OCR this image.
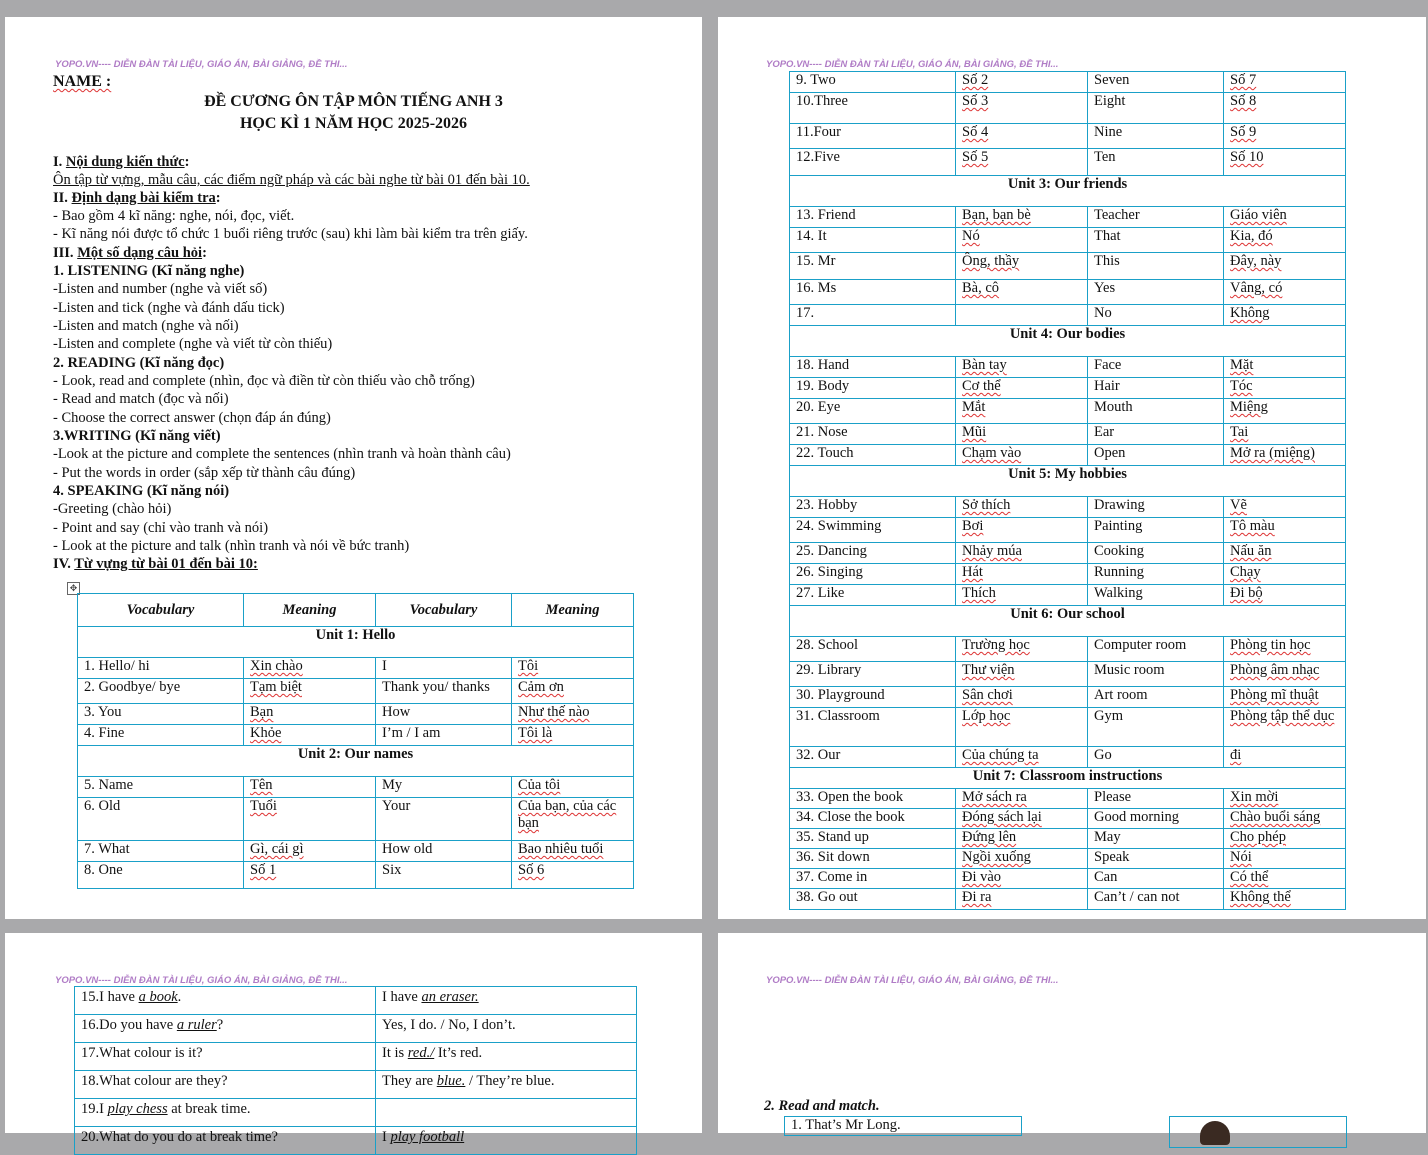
YOPO.VN---- DIỄN ĐÀN TÀI LIỆU, GIÁO ÁN, BÀI GIẢNG, ĐỀ THI...
NAME :
ĐỀ CƯƠNG ÔN TẬP MÔN TIẾNG ANH 3
HỌC KÌ 1 NĂM HỌC 2025-2026
I. Nội dung kiến thức:
Ôn tập từ vựng, mẫu câu, các điểm ngữ pháp và các bài nghe từ bài 01 đến bài 10.
II. Định dạng bài kiểm tra:
- Bao gồm 4 kĩ năng: nghe, nói, đọc, viết.
- Kĩ năng nói được tổ chức 1 buổi riêng trước (sau) khi làm bài kiểm tra trên giấy.
III. Một số dạng câu hỏi:
1. LISTENING (Kĩ năng nghe)
-Listen and number (nghe và viết số)
-Listen and tick (nghe và đánh dấu tick)
-Listen and match (nghe và nối)
-Listen and complete (nghe và viết từ còn thiếu)
2. READING (Kĩ năng đọc)
- Look, read and complete (nhìn, đọc và điền từ còn thiếu vào chỗ trống)
- Read and match (đọc và nối)
- Choose the correct answer (chọn đáp án đúng)
3.WRITING (Kĩ năng viết)
-Look at the picture and complete the sentences (nhìn tranh và hoàn thành câu)
- Put the words in order (sắp xếp từ thành câu đúng)
4. SPEAKING (Kĩ năng nói)
-Greeting (chào hỏi)
- Point and say (chỉ vào tranh và nói)
- Look at the picture and talk (nhìn tranh và nói về bức tranh)
IV. Từ vựng từ bài 01 đến bài 10:
✥
Vocabulary	Meaning	Vocabulary	Meaning
Unit 1: Hello			
1. Hello/ hi	Xin chào	I	Tôi
2. Goodbye/ bye	Tạm biệt	Thank you/ thanks	Cảm ơn
3. You	Bạn	How	Như thế nào
4. Fine	Khỏe	I’m / I am	Tôi là
Unit 2: Our names			
5. Name	Tên	My	Của tôi
6. Old	Tuổi	Your	Của bạn, của các bạn
7. What	Gì, cái gì	How old	Bao nhiêu tuổi
8. One	Số 1	Six	Số 6
YOPO.VN---- DIỄN ĐÀN TÀI LIỆU, GIÁO ÁN, BÀI GIẢNG, ĐỀ THI...
9. Two	Số 2	Seven	Số 7
10.Three	Số 3	Eight	Số 8
11.Four	Số 4	Nine	Số 9
12.Five	Số 5	Ten	Số 10
Unit 3: Our friends			
13. Friend	Bạn, bạn bè	Teacher	Giáo viên
14. It	Nó	That	Kia, đó
15. Mr	Ông, thầy	This	Đây, này
16. Ms	Bà, cô	Yes	Vâng, có
17.		No	Không
Unit 4: Our bodies			
18. Hand	Bàn tay	Face	Mặt
19. Body	Cơ thể	Hair	Tóc
20. Eye	Mắt	Mouth	Miệng
21. Nose	Mũi	Ear	Tai
22. Touch	Chạm vào	Open	Mở ra (miệng)
Unit 5: My hobbies			
23. Hobby	Sở thích	Drawing	Vẽ
24. Swimming	Bơi	Painting	Tô màu
25. Dancing	Nhảy múa	Cooking	Nấu ăn
26. Singing	Hát	Running	Chạy
27. Like	Thích	Walking	Đi bộ
Unit 6: Our school			
28. School	Trường học	Computer room	Phòng tin học
29. Library	Thư viện	Music room	Phòng âm nhạc
30. Playground	Sân chơi	Art room	Phòng mĩ thuật
31. Classroom	Lớp học	Gym	Phòng tập thể dục
32. Our	Của chúng ta	Go	đi
Unit 7: Classroom instructions			
33. Open the book	Mở sách ra	Please	Xin mời
34. Close the book	Đóng sách lại	Good morning	Chào buổi sáng
35. Stand up	Đứng lên	May	Cho phép
36. Sit down	Ngồi xuống	Speak	Nói
37. Come in	Đi vào	Can	Có thể
38. Go out	Đi ra	Can’t / can not	Không thể
YOPO.VN---- DIỄN ĐÀN TÀI LIỆU, GIÁO ÁN, BÀI GIẢNG, ĐỀ THI...
15.I have a book.	I have an eraser.
16.Do you have a ruler?	Yes, I do. / No, I don’t.
17.What colour is it?	It is red./ It’s red.
18.What colour are they?	They are blue. / They’re blue.
19.I play chess at break time.	
20.What do you do at break time?	I play football
YOPO.VN---- DIỄN ĐÀN TÀI LIỆU, GIÁO ÁN, BÀI GIẢNG, ĐỀ THI...
2. Read and match.
1. That’s Mr Long.
